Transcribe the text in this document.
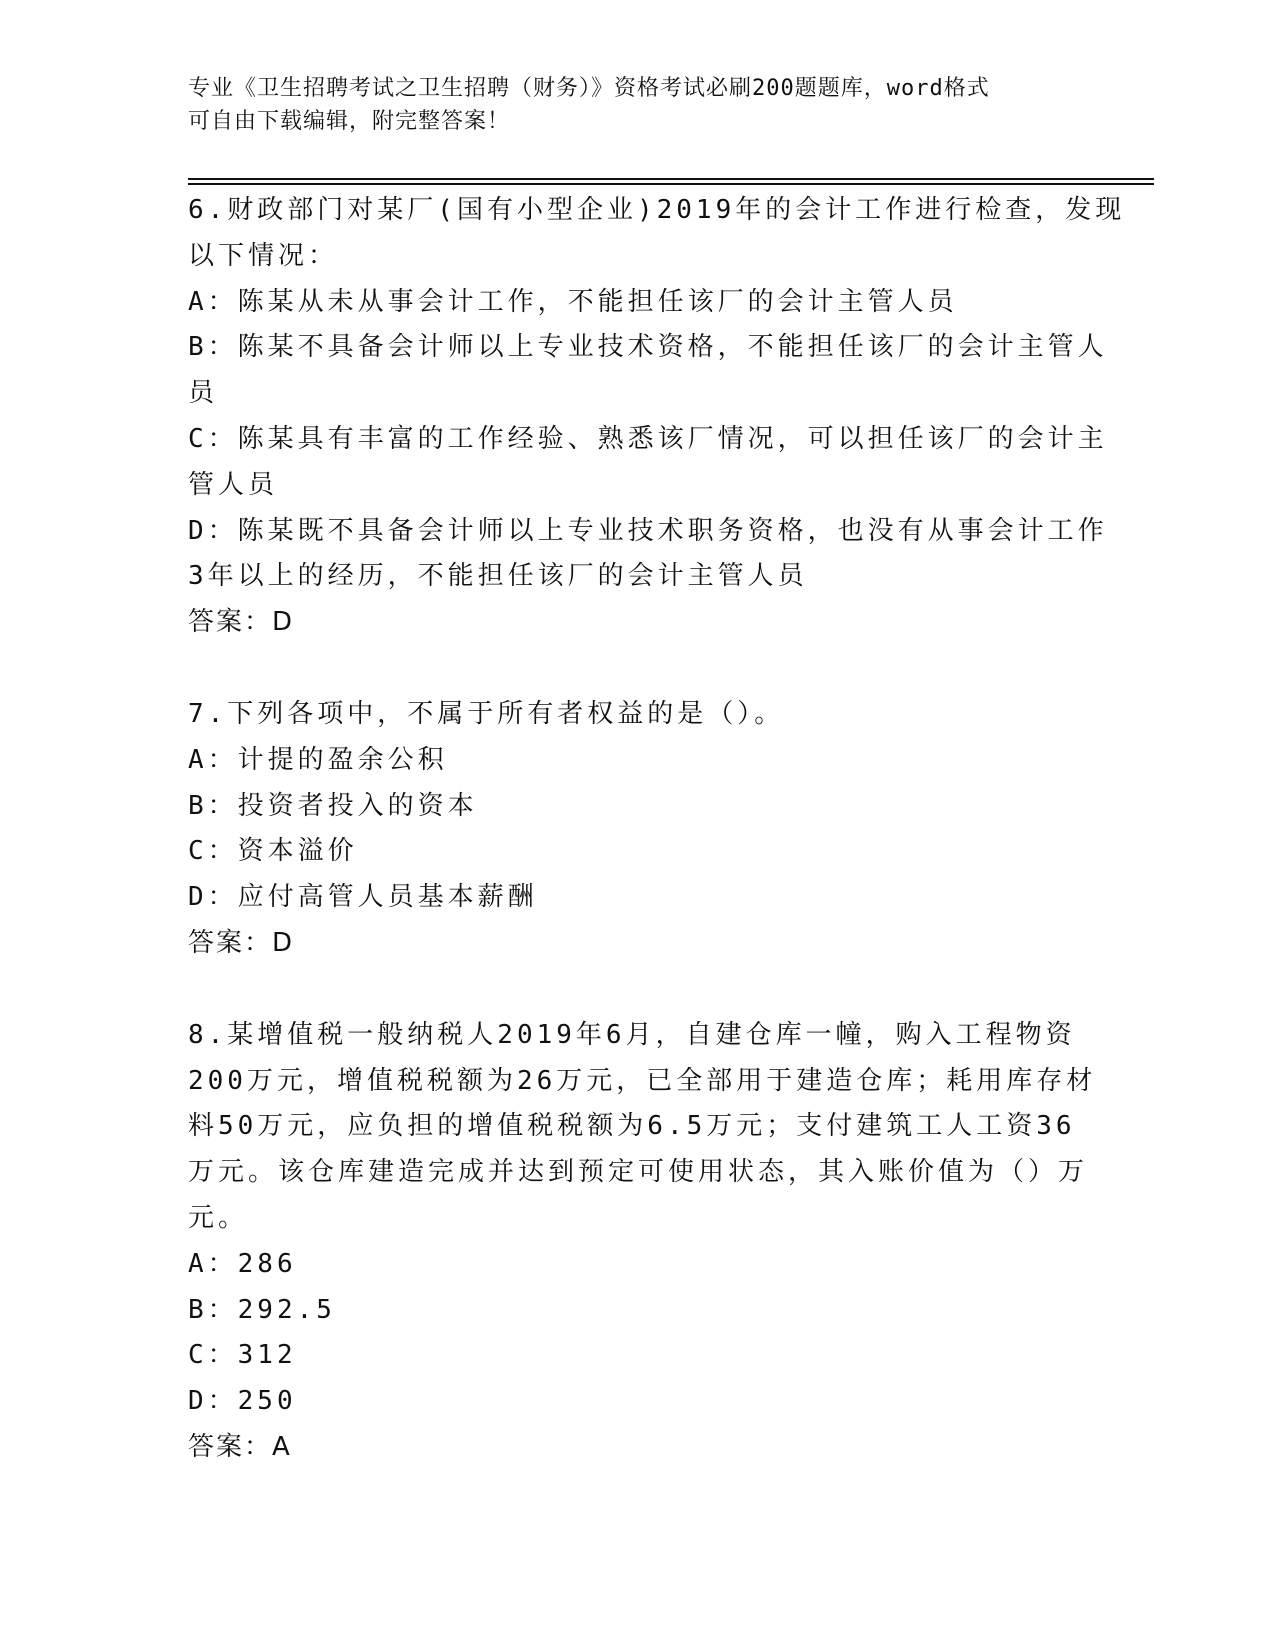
专业《卫生招聘考试之卫生招聘（财务）》资格考试必刷200题题库，word格式
可自由下载编辑，附完整答案！
6.财政部门对某厂(国有小型企业)2019年的会计工作进行检查，发现
以下情况：
A：陈某从未从事会计工作，不能担任该厂的会计主管人员
B：陈某不具备会计师以上专业技术资格，不能担任该厂的会计主管人
员
C：陈某具有丰富的工作经验、熟悉该厂情况，可以担任该厂的会计主
管人员
D：陈某既不具备会计师以上专业技术职务资格，也没有从事会计工作
3年以上的经历，不能担任该厂的会计主管人员
答案：D
7.下列各项中，不属于所有者权益的是（）。
A：计提的盈余公积
B：投资者投入的资本
C：资本溢价
D：应付高管人员基本薪酬
答案：D
8.某增值税一般纳税人2019年6月，自建仓库一幢，购入工程物资
200万元，增值税税额为26万元，已全部用于建造仓库；耗用库存材
料50万元，应负担的增值税税额为6.5万元；支付建筑工人工资36
万元。该仓库建造完成并达到预定可使用状态，其入账价值为（）万
元。
A：286
B：292.5
C：312
D：250
答案：A
